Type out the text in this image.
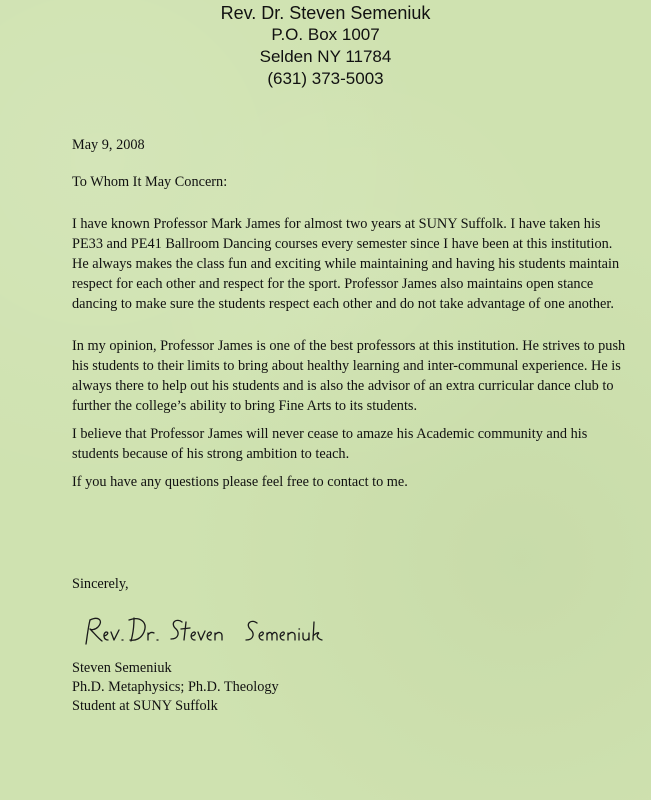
Rev. Dr. Steven Semeniuk
P.O. Box 1007
Selden NY 11784
(631) 373-5003
May 9, 2008
To Whom It May Concern:
I have known Professor Mark James for almost two years at SUNY Suffolk. I have taken his PE33 and PE41 Ballroom Dancing courses every semester since I have been at this institution. He always makes the class fun and exciting while maintaining and having his students maintain respect for each other and respect for the sport. Professor James also maintains open stance dancing to make sure the students respect each other and do not take advantage of one another.
In my opinion, Professor James is one of the best professors at this institution. He strives to push his students to their limits to bring about healthy learning and inter-communal experience. He is always there to help out his students and is also the advisor of an extra curricular dance club to further the college’s ability to bring Fine Arts to its students.
I believe that Professor James will never cease to amaze his Academic community and his students because of his strong ambition to teach.
If you have any questions please feel free to contact to me.
Sincerely,
Steven Semeniuk
Ph.D. Metaphysics; Ph.D. Theology
Student at SUNY Suffolk
